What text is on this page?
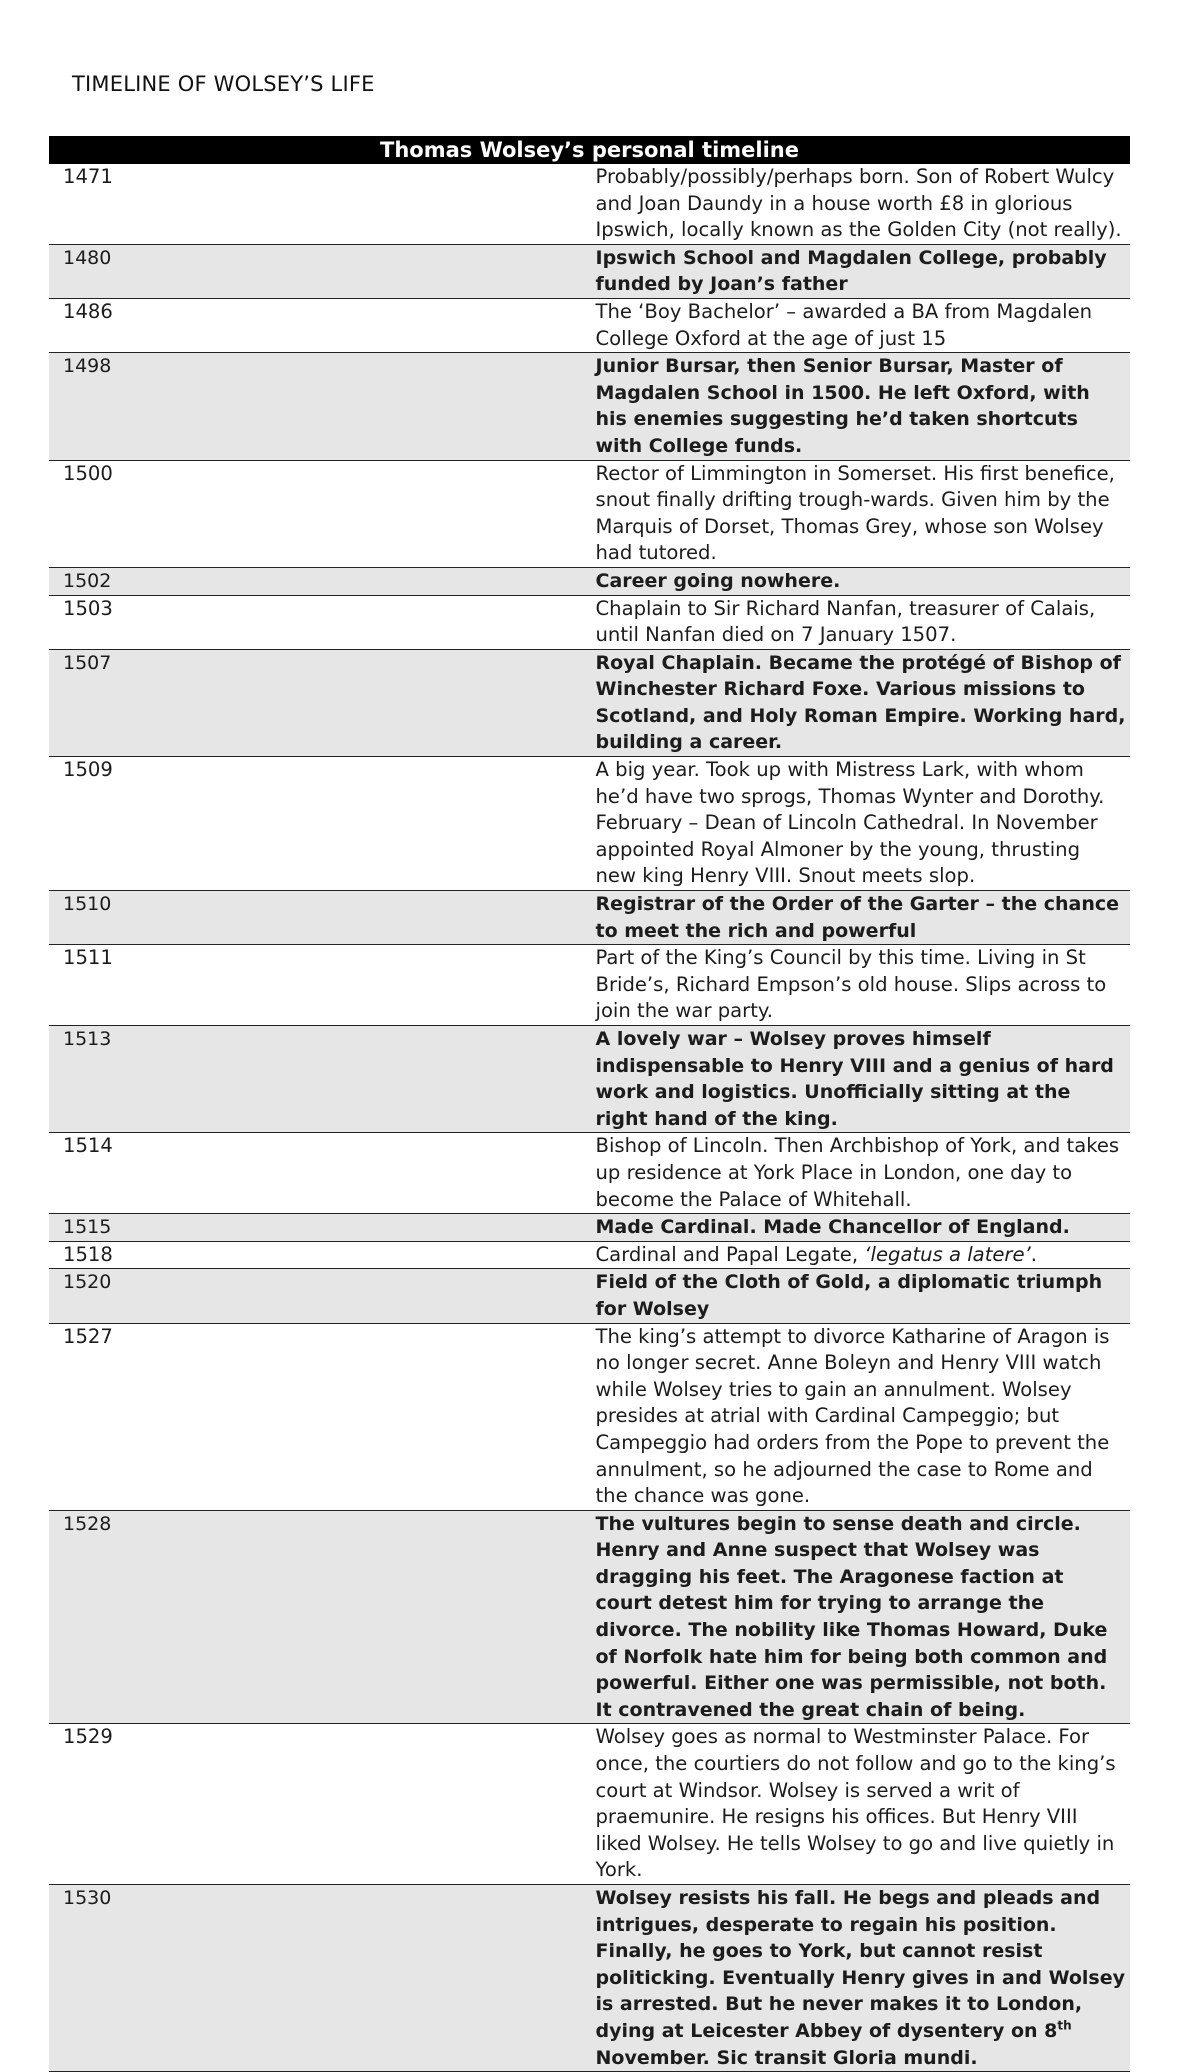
TIMELINE OF WOLSEY’S LIFE
Thomas Wolsey’s personal timeline	
1471	Probably/possibly/perhaps born. Son of Robert Wulcy and Joan Daundy in a house worth £8 in glorious Ipswich, locally known as the Golden City (not really).
1480	Ipswich School and Magdalen College, probably funded by Joan’s father
1486	The ‘Boy Bachelor’ – awarded a BA from Magdalen College Oxford at the age of just 15
1498	Junior Bursar, then Senior Bursar, Master of Magdalen School in 1500. He left Oxford, with his enemies suggesting he’d taken shortcuts with College funds.
1500	Rector of Limmington in Somerset. His first benefice, snout finally drifting trough-wards. Given him by the Marquis of Dorset, Thomas Grey, whose son Wolsey had tutored.
1502	Career going nowhere.
1503	Chaplain to Sir Richard Nanfan, treasurer of Calais, until Nanfan died on 7 January 1507.
1507	Royal Chaplain. Became the protégé of Bishop of Winchester Richard Foxe. Various missions to Scotland, and Holy Roman Empire. Working hard, building a career.
1509	A big year. Took up with Mistress Lark, with whom he’d have two sprogs, Thomas Wynter and Dorothy. February – Dean of Lincoln Cathedral. In November appointed Royal Almoner by the young, thrusting new king Henry VIII. Snout meets slop.
1510	Registrar of the Order of the Garter – the chance to meet the rich and powerful
1511	Part of the King’s Council by this time. Living in St Bride’s, Richard Empson’s old house. Slips across to join the war party.
1513	A lovely war – Wolsey proves himself indispensable to Henry VIII and a genius of hard work and logistics. Unofficially sitting at the right hand of the king.
1514	Bishop of Lincoln. Then Archbishop of York, and takes up residence at York Place in London, one day to become the Palace of Whitehall.
1515	Made Cardinal. Made Chancellor of England.
1518	Cardinal and Papal Legate, ‘legatus a latere’.
1520	Field of the Cloth of Gold, a diplomatic triumph for Wolsey
1527	The king’s attempt to divorce Katharine of Aragon is no longer secret. Anne Boleyn and Henry VIII watch while Wolsey tries to gain an annulment. Wolsey presides at atrial with Cardinal Campeggio; but Campeggio had orders from the Pope to prevent the annulment, so he adjourned the case to Rome and the chance was gone.
1528	The vultures begin to sense death and circle. Henry and Anne suspect that Wolsey was dragging his feet. The Aragonese faction at court detest him for trying to arrange the divorce. The nobility like Thomas Howard, Duke of Norfolk hate him for being both common and powerful. Either one was permissible, not both. It contravened the great chain of being.
1529	Wolsey goes as normal to Westminster Palace. For once, the courtiers do not follow and go to the king’s court at Windsor. Wolsey is served a writ of praemunire. He resigns his offices. But Henry VIII liked Wolsey. He tells Wolsey to go and live quietly in York.
1530	Wolsey resists his fall. He begs and pleads and intrigues, desperate to regain his position. Finally, he goes to York, but cannot resist politicking. Eventually Henry gives in and Wolsey is arrested. But he never makes it to London, dying at Leicester Abbey of dysentery on 8th November. Sic transit Gloria mundi.
